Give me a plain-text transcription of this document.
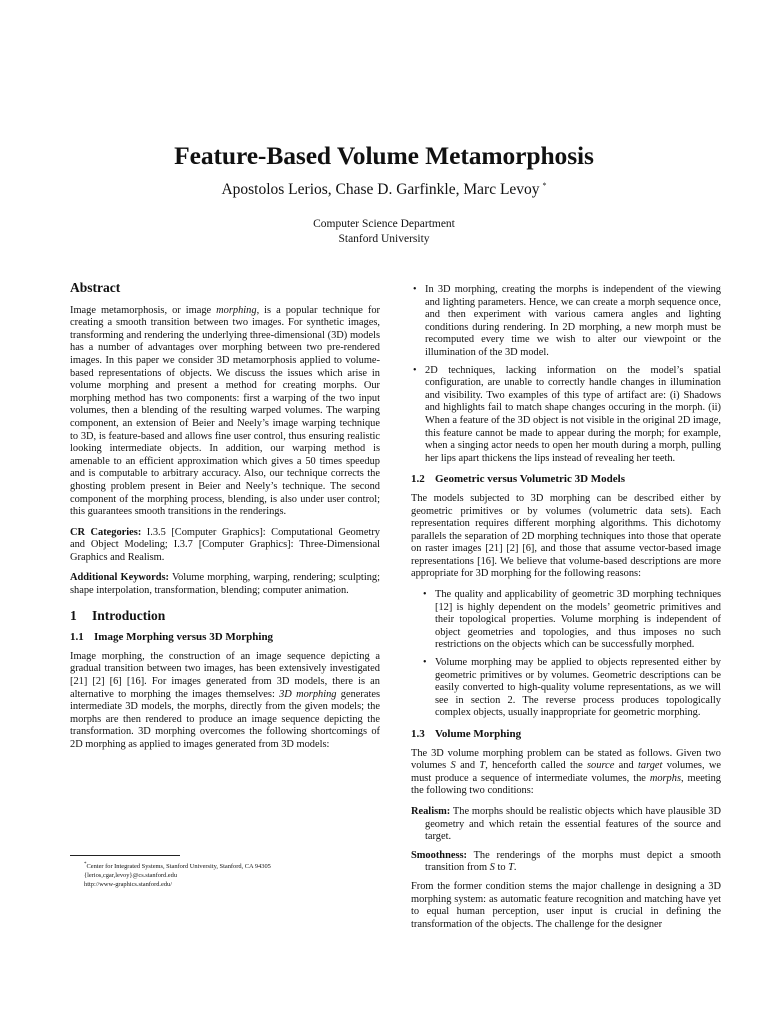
Feature-Based Volume Metamorphosis
Apostolos Lerios, Chase D. Garfinkle, Marc Levoy *
Computer Science Department
Stanford University
Abstract

Image metamorphosis, or image morphing, is a popular technique for creating a smooth transition between two images. For synthetic images, transforming and rendering the underlying three-dimensional (3D) models has a number of advantages over morphing between two pre-rendered images. In this paper we consider 3D metamorphosis applied to volume-based representations of objects. We discuss the issues which arise in volume morphing and present a method for creating morphs. Our morphing method has two components: first a warping of the two input volumes, then a blending of the resulting warped volumes. The warping component, an extension of Beier and Neely’s image warping technique to 3D, is feature-based and allows fine user control, thus ensuring realistic looking intermediate objects. In addition, our warping method is amenable to an efficient approximation which gives a 50 times speedup and is computable to arbitrary accuracy. Also, our technique corrects the ghosting problem present in Beier and Neely’s technique. The second component of the morphing process, blending, is also under user control; this guarantees smooth transitions in the renderings.

CR Categories: I.3.5 [Computer Graphics]: Computational Geometry and Object Modeling; I.3.7 [Computer Graphics]: Three-Dimensional Graphics and Realism.

Additional Keywords: Volume morphing, warping, rendering; sculpting; shape interpolation, transformation, blending; computer animation.

1 Introduction
1.1 Image Morphing versus 3D Morphing

Image morphing, the construction of an image sequence depicting a gradual transition between two images, has been extensively investigated [21] [2] [6] [16]. For images generated from 3D models, there is an alternative to morphing the images themselves: 3D morphing generates intermediate 3D models, the morphs, directly from the given models; the morphs are then rendered to produce an image sequence depicting the transformation. 3D morphing overcomes the following shortcomings of 2D morphing as applied to images generated from 3D models:

*Center for Integrated Systems, Stanford University, Stanford, CA 94305
{lerios,cgar,levoy}@cs.stanford.edu
http://www-graphics.stanford.edu/
• In 3D morphing, creating the morphs is independent of the viewing and lighting parameters. Hence, we can create a morph sequence once, and then experiment with various camera angles and lighting conditions during rendering. In 2D morphing, a new morph must be recomputed every time we wish to alter our viewpoint or the illumination of the 3D model.
• 2D techniques, lacking information on the model’s spatial configuration, are unable to correctly handle changes in illumination and visibility. Two examples of this type of artifact are: (i) Shadows and highlights fail to match shape changes occuring in the morph. (ii) When a feature of the 3D object is not visible in the original 2D image, this feature cannot be made to appear during the morph; for example, when a singing actor needs to open her mouth during a morph, pulling her lips apart thickens the lips instead of revealing her teeth.
1.2 Geometric versus Volumetric 3D Models

The models subjected to 3D morphing can be described either by geometric primitives or by volumes (volumetric data sets). Each representation requires different morphing algorithms. This dichotomy parallels the separation of 2D morphing techniques into those that operate on raster images [21] [2] [6], and those that assume vector-based image representations [16]. We believe that volume-based descriptions are more appropriate for 3D morphing for the following reasons:

• The quality and applicability of geometric 3D morphing techniques [12] is highly dependent on the models’ geometric primitives and their topological properties. Volume morphing is independent of object geometries and topologies, and thus imposes no such restrictions on the objects which can be successfully morphed.
• Volume morphing may be applied to objects represented either by geometric primitives or by volumes. Geometric descriptions can be easily converted to high-quality volume representations, as we will see in section 2. The reverse process produces topologically complex objects, usually inappropriate for geometric morphing.
1.3 Volume Morphing

The 3D volume morphing problem can be stated as follows. Given two volumes S and T, henceforth called the source and target volumes, we must produce a sequence of intermediate volumes, the morphs, meeting the following two conditions:

Realism: The morphs should be realistic objects which have plausible 3D geometry and which retain the essential features of the source and target.
Smoothness: The renderings of the morphs must depict a smooth transition from S to T.

From the former condition stems the major challenge in designing a 3D morphing system: as automatic feature recognition and matching have yet to equal human perception, user input is crucial in defining the transformation of the objects. The challenge for the designer
